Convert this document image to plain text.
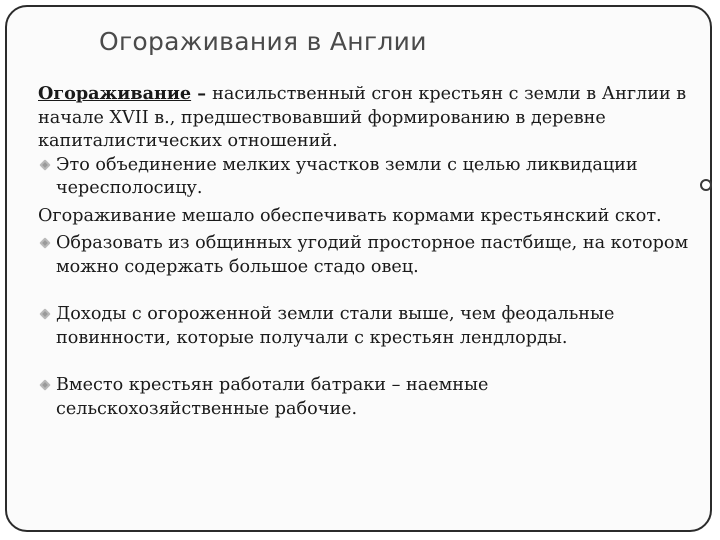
Огораживания в Англии

Огораживание – насильственный сгон крестьян с земли в Англии в начале XVII в., предшествовавший формированию в деревне капиталистических отношений.

Это объединение мелких участков земли с целью ликвидации чересполосицу.

Огораживание мешало обеспечивать кормами крестьянский скот.

Образовать из общинных угодий просторное пастбище, на котором можно содержать большое стадо овец.

Доходы с огороженной земли стали выше, чем феодальные повинности, которые получали с крестьян лендлорды.

Вместо крестьян работали батраки – наемные сельскохозяйственные рабочие.
